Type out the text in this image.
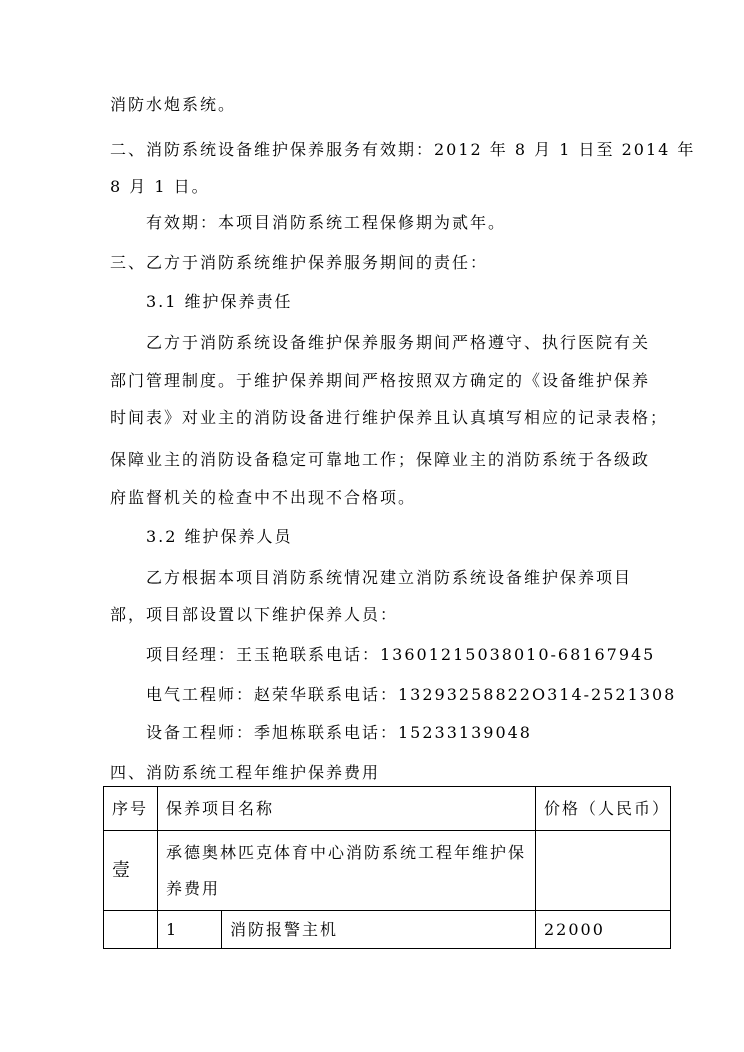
消防水炮系统。
二、消防系统设备维护保养服务有效期：2012 年 8 月 1 日至 2014 年
8 月 1 日。
有效期：本项目消防系统工程保修期为贰年。
三、乙方于消防系统维护保养服务期间的责任：
3.1 维护保养责任
乙方于消防系统设备维护保养服务期间严格遵守、执行医院有关
部门管理制度。于维护保养期间严格按照双方确定的《设备维护保养
时间表》对业主的消防设备进行维护保养且认真填写相应的记录表格；
保障业主的消防设备稳定可靠地工作；保障业主的消防系统于各级政
府监督机关的检查中不出现不合格项。
3.2 维护保养人员
乙方根据本项目消防系统情况建立消防系统设备维护保养项目
部，项目部设置以下维护保养人员：
项目经理：王玉艳联系电话：13601215038010-68167945
电气工程师：赵荣华联系电话：13293258822O314-2521308
设备工程师：季旭栋联系电话：15233139048
四、消防系统工程年维护保养费用
序号	保养项目名称		价格（人民币）
壹	承德奥林匹克体育中心消防系统工程年维护保
养费用		

	1	消防报警主机	22000
